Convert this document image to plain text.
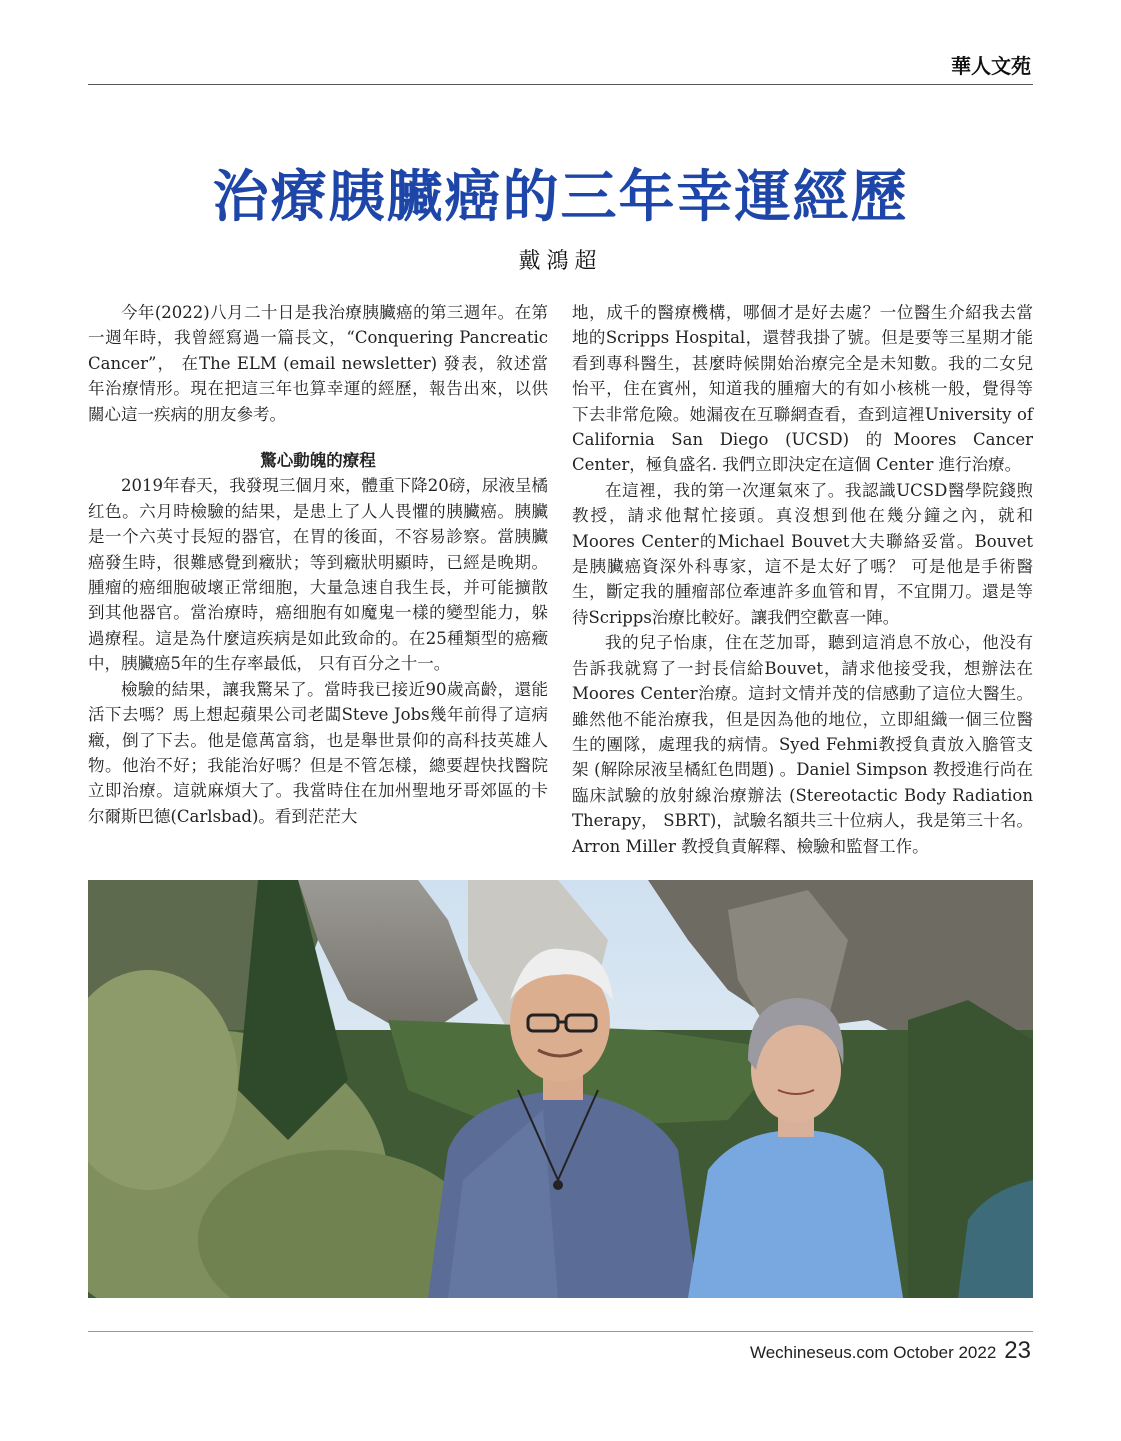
華人文苑
治療胰臟癌的三年幸運經歷
戴鴻超

今年(2022)八月二十日是我治療胰臟癌的第三週年。在第一週年時，我曾經寫過一篇長文，“Conquering Pancreatic Cancer”， 在The ELM (email newsletter) 發表，敘述當年治療情形。現在把這三年也算幸運的經歷，報告出來，以供關心這一疾病的朋友參考。

驚心動魄的療程

2019年春天，我發現三個月來，體重下降20磅，尿液呈橘红色。六月時檢驗的結果，是患上了人人畏懼的胰臟癌。胰臟是一个六英寸長短的器官，在胃的後面，不容易診察。當胰臟癌發生時，很難感覺到癥狀；等到癥狀明顯時，已經是晚期。腫瘤的癌细胞破壞正常细胞，大量急速自我生長，并可能擴散到其他器官。當治療時，癌细胞有如魔鬼一樣的變型能力，躲過療程。這是為什麼這疾病是如此致命的。在25種類型的癌癥中，胰臟癌5年的生存率最低， 只有百分之十一。

檢驗的結果，讓我驚呆了。當時我已接近90歲高齡，還能活下去嗎？馬上想起蘋果公司老闆Steve Jobs幾年前得了這病癥，倒了下去。他是億萬富翁，也是舉世景仰的高科技英雄人物。他治不好；我能治好嗎？但是不管怎樣，總要趕快找醫院立即治療。這就麻煩大了。我當時住在加州聖地牙哥郊區的卡尔爾斯巴德(Carlsbad)。看到茫茫大

地，成千的醫療機構，哪個才是好去處？一位醫生介紹我去當地的Scripps Hospital，還替我掛了號。但是要等三星期才能看到專科醫生，甚麼時候開始治療完全是未知數。我的二女兒怡平，住在賓州，知道我的腫瘤大的有如小核桃一般，覺得等下去非常危險。她漏夜在互聯網查看，查到這裡University of California San Diego (UCSD) 的Moores Cancer Center，極負盛名. 我們立即決定在這個 Center 進行治療。

在這裡，我的第一次運氣來了。我認識UCSD醫學院錢煦教授，請求他幫忙接頭。真沒想到他在幾分鐘之內，就和Moores Center的Michael Bouvet大夫聯絡妥當。Bouvet 是胰臟癌資深外科專家，這不是太好了嗎？ 可是他是手術醫生，斷定我的腫瘤部位牽連許多血管和胃，不宜開刀。還是等待Scripps治療比較好。讓我們空歡喜一陣。

我的兒子怡康，住在芝加哥，聽到這消息不放心，他没有告訴我就寫了一封長信給Bouvet，請求他接受我，想辦法在Moores Center治療。這封文情并茂的信感動了這位大醫生。雖然他不能治療我，但是因為他的地位，立即組織一個三位醫生的團隊，處理我的病情。Syed Fehmi教授負責放入膽管支架 (解除尿液呈橘紅色問題) 。Daniel Simpson 教授進行尚在臨床試驗的放射線治療辦法 (Stereotactic Body Radiation Therapy， SBRT)，試驗名額共三十位病人，我是第三十名。Arron Miller 教授負責解釋、檢驗和監督工作。

Wechineseus.com October 2022 23
